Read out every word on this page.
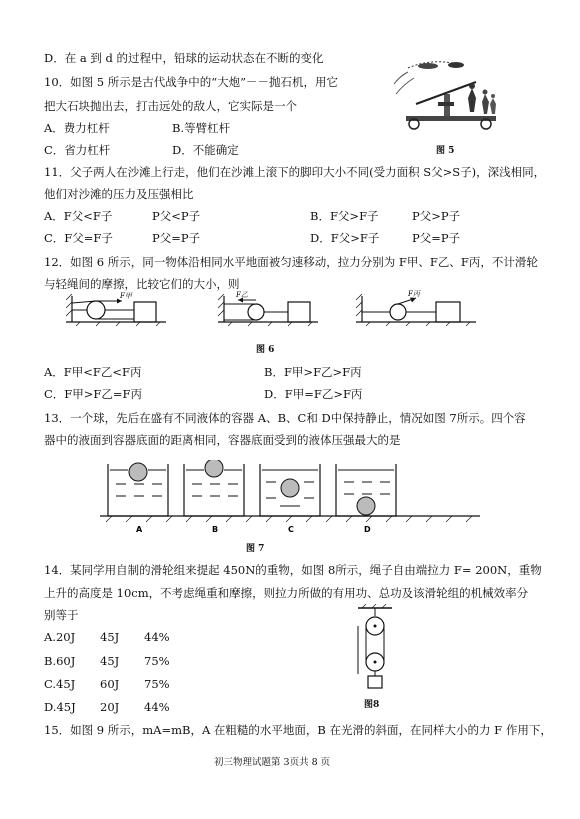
D．在 a 到 d 的过程中，铅球的运动状态在不断的变化
10．如图 5 所示是古代战争中的“大炮”－－抛石机，用它
把大石块抛出去，打击远处的敌人，它实际是一个
A．费力杠杆	B.等臂杠杆
C．省力杠杆	D．不能确定	图 5
11．父子两人在沙滩上行走，他们在沙滩上滚下的脚印大小不同(受力面积 S父>S子)，深浅相同，
他们对沙滩的压力及压强相比
A．F父<F子	P父<P子	B．F父>F子	P父>P子
C．F父=F子	P父=P子	D．F父>F子	P父=P子
12．如图 6 所示，同一物体沿相同水平地面被匀速移动，拉力分别为 F甲、F乙、F丙，不计滑轮
与轻绳间的摩擦，比较它们的大小，则
F甲	F乙	F丙
图 6
A．F甲<F乙<F丙	B．F甲>F乙>F丙
C．F甲>F乙=F丙	D．F甲=F乙>F丙
13．一个球，先后在盛有不同液体的容器 A、B、C和 D中保持静止，情况如图 7所示。四个容
器中的液面到容器底面的距离相同，容器底面受到的液体压强最大的是
A	B	C	D
图 7
14．某同学用自制的滑轮组来提起 450N的重物，如图 8所示，绳子自由端拉力 F= 200N，重物
上升的高度是 10cm，不考虑绳重和摩擦，则拉力所做的有用功、总功及该滑轮组的机械效率分
别等于
A.20J 45J 44%
B.60J 45J 75%
C.45J 60J 75%
D.45J 20J 44%	图8
15．如图 9 所示，mA=mB，A 在粗糙的水平地面，B 在光滑的斜面，在同样大小的力 F 作用下，
初三物理试题第 3页共 8 页
